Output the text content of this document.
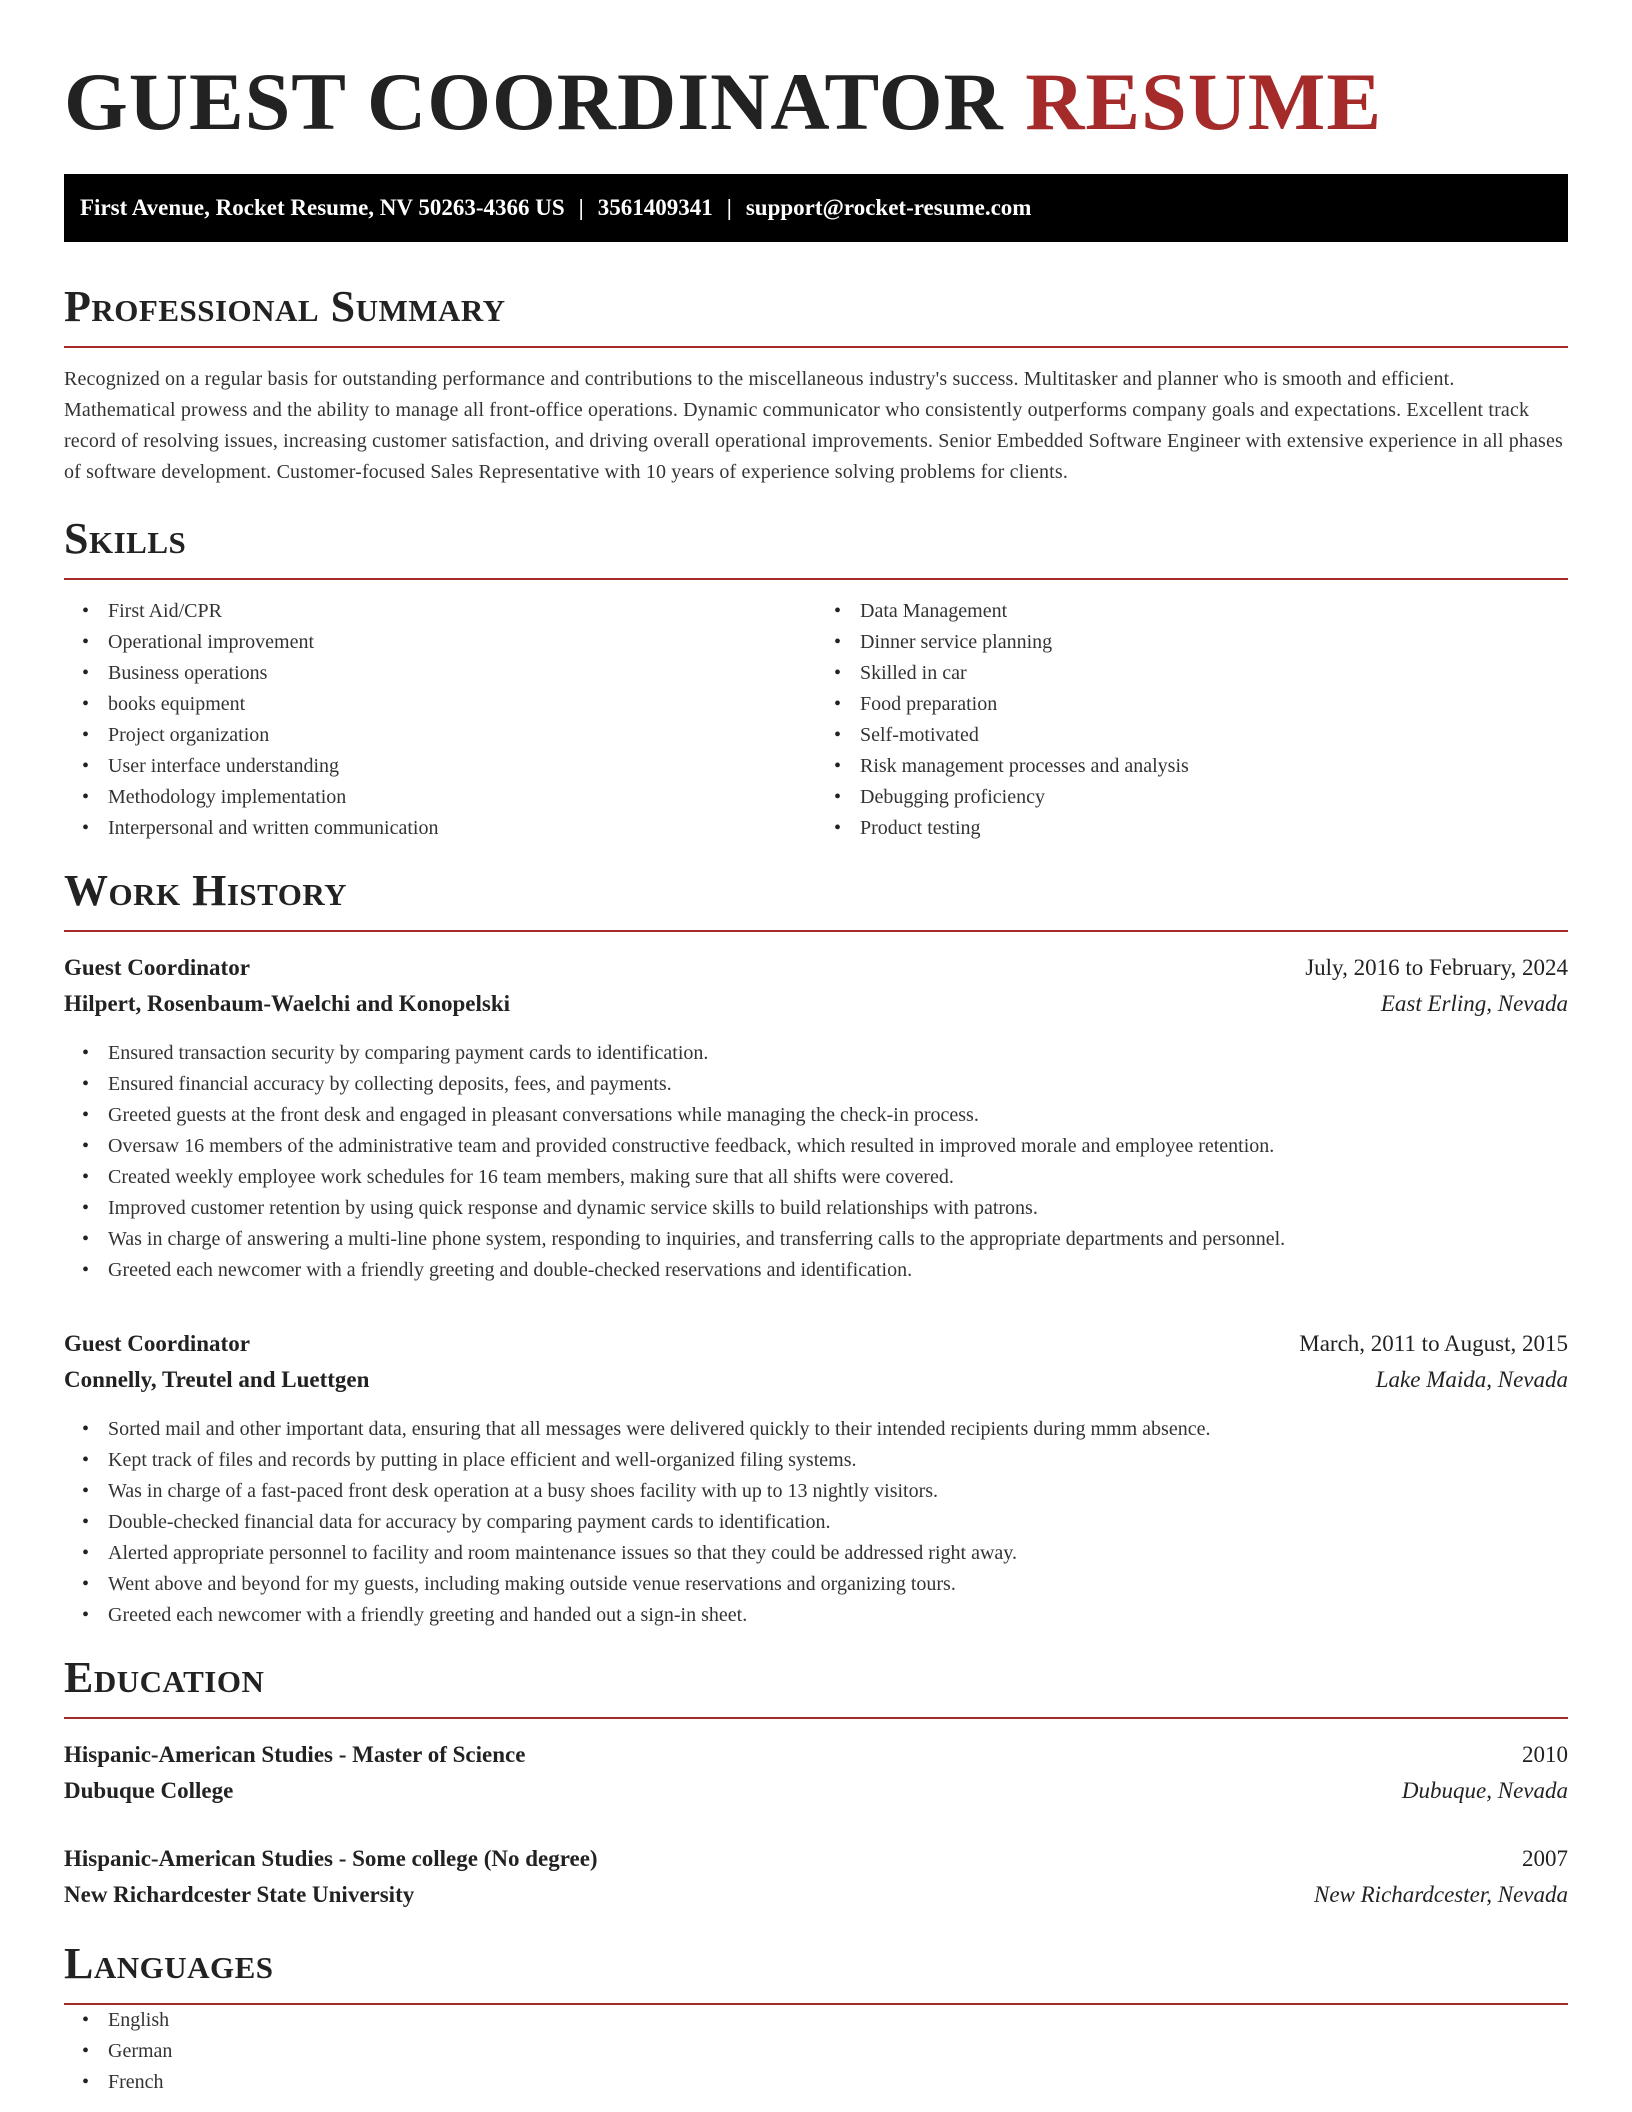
GUEST COORDINATOR RESUME
First Avenue, Rocket Resume, NV 50263-4366 US | 3561409341 | support@rocket-resume.com
Professional Summary

Recognized on a regular basis for outstanding performance and contributions to the miscellaneous industry's success. Multitasker and planner who is smooth and efficient. Mathematical prowess and the ability to manage all front-office operations. Dynamic communicator who consistently outperforms company goals and expectations. Excellent track record of resolving issues, increasing customer satisfaction, and driving overall operational improvements. Senior Embedded Software Engineer with extensive experience in all phases of software development. Customer-focused Sales Representative with 10 years of experience solving problems for clients.

Skills
• First Aid/CPR
• Operational improvement
• Business operations
• books equipment
• Project organization
• User interface understanding
• Methodology implementation
• Interpersonal and written communication
• Data Management
• Dinner service planning
• Skilled in car
• Food preparation
• Self-motivated
• Risk management processes and analysis
• Debugging proficiency
• Product testing
Work History
Guest Coordinator	July, 2016 to February, 2024
Hilpert, Rosenbaum-Waelchi and Konopelski	East Erling, Nevada
• Ensured transaction security by comparing payment cards to identification.
• Ensured financial accuracy by collecting deposits, fees, and payments.
• Greeted guests at the front desk and engaged in pleasant conversations while managing the check-in process.
• Oversaw 16 members of the administrative team and provided constructive feedback, which resulted in improved morale and employee retention.
• Created weekly employee work schedules for 16 team members, making sure that all shifts were covered.
• Improved customer retention by using quick response and dynamic service skills to build relationships with patrons.
• Was in charge of answering a multi-line phone system, responding to inquiries, and transferring calls to the appropriate departments and personnel.
• Greeted each newcomer with a friendly greeting and double-checked reservations and identification.
Guest Coordinator	March, 2011 to August, 2015
Connelly, Treutel and Luettgen	Lake Maida, Nevada
• Sorted mail and other important data, ensuring that all messages were delivered quickly to their intended recipients during mmm absence.
• Kept track of files and records by putting in place efficient and well-organized filing systems.
• Was in charge of a fast-paced front desk operation at a busy shoes facility with up to 13 nightly visitors.
• Double-checked financial data for accuracy by comparing payment cards to identification.
• Alerted appropriate personnel to facility and room maintenance issues so that they could be addressed right away.
• Went above and beyond for my guests, including making outside venue reservations and organizing tours.
• Greeted each newcomer with a friendly greeting and handed out a sign-in sheet.
Education
Hispanic-American Studies - Master of Science	2010
Dubuque College	Dubuque, Nevada
Hispanic-American Studies - Some college (No degree)	2007
New Richardcester State University	New Richardcester, Nevada
Languages
• English
• German
• French
